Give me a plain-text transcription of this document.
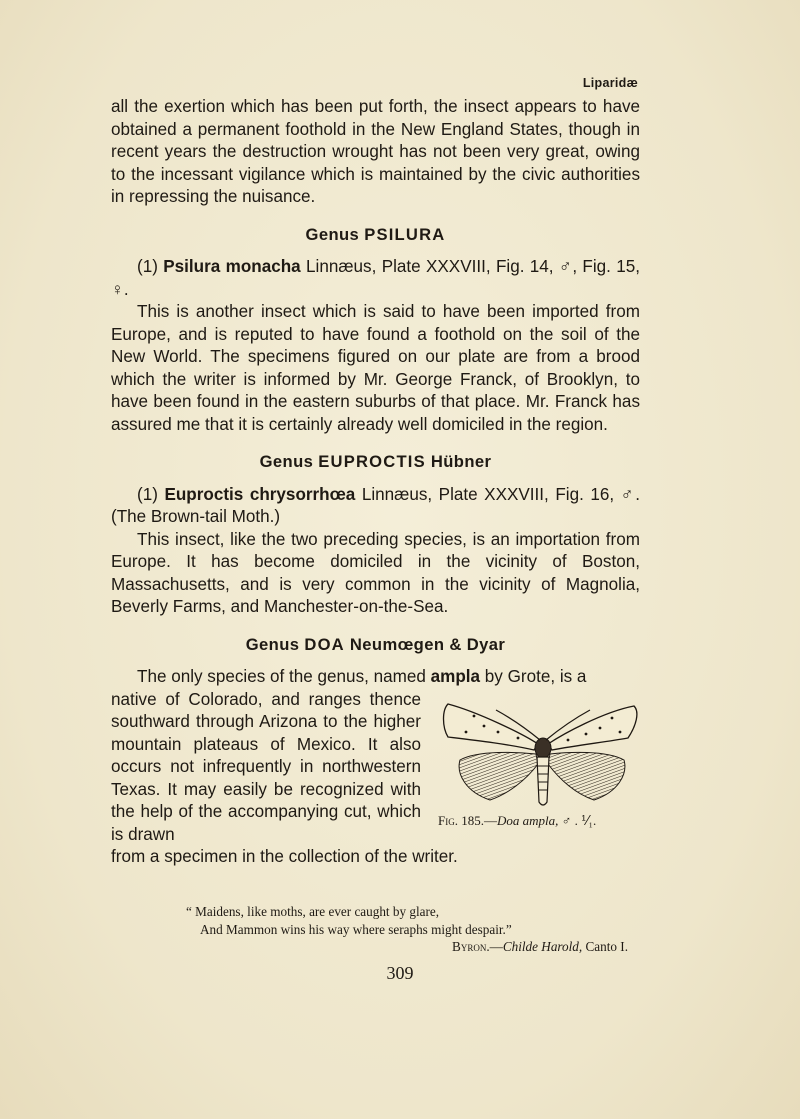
Liparidæ

all the exertion which has been put forth, the insect appears to have obtained a permanent foothold in the New England States, though in recent years the destruction wrought has not been very great, owing to the incessant vigilance which is maintained by the civic authorities in repressing the nuisance.

Genus PSILURA

(1) Psilura monacha Linnæus, Plate XXXVIII, Fig. 14, ♂, Fig. 15, ♀.

This is another insect which is said to have been imported from Europe, and is reputed to have found a foothold on the soil of the New World. The specimens figured on our plate are from a brood which the writer is informed by Mr. George Franck, of Brooklyn, to have been found in the eastern suburbs of that place. Mr. Franck has assured me that it is certainly already well domiciled in the region.

Genus EUPROCTIS Hübner

(1) Euproctis chrysorrhœa Linnæus, Plate XXXVIII, Fig. 16, ♂. (The Brown-tail Moth.)

This insect, like the two preceding species, is an importation from Europe. It has become domiciled in the vicinity of Boston, Massachusetts, and is very common in the vicinity of Magnolia, Beverly Farms, and Manchester-on-the-Sea.

Genus DOA Neumœgen & Dyar

The only species of the genus, named ampla by Grote, is a

native of Colorado, and ranges thence southward through Arizona to the higher mountain plateaus of Mexico. It also occurs not infrequently in northwestern Texas. It may easily be recognized with the help of the accompanying cut, which is drawn

from a specimen in the collection of the writer.

Fig. 185.—Doa ampla, ♂ . ⅟₁.
“ Maidens, like moths, are ever caught by glare,
And Mammon wins his way where seraphs might despair.”
Byron.—Childe Harold, Canto I.
309
